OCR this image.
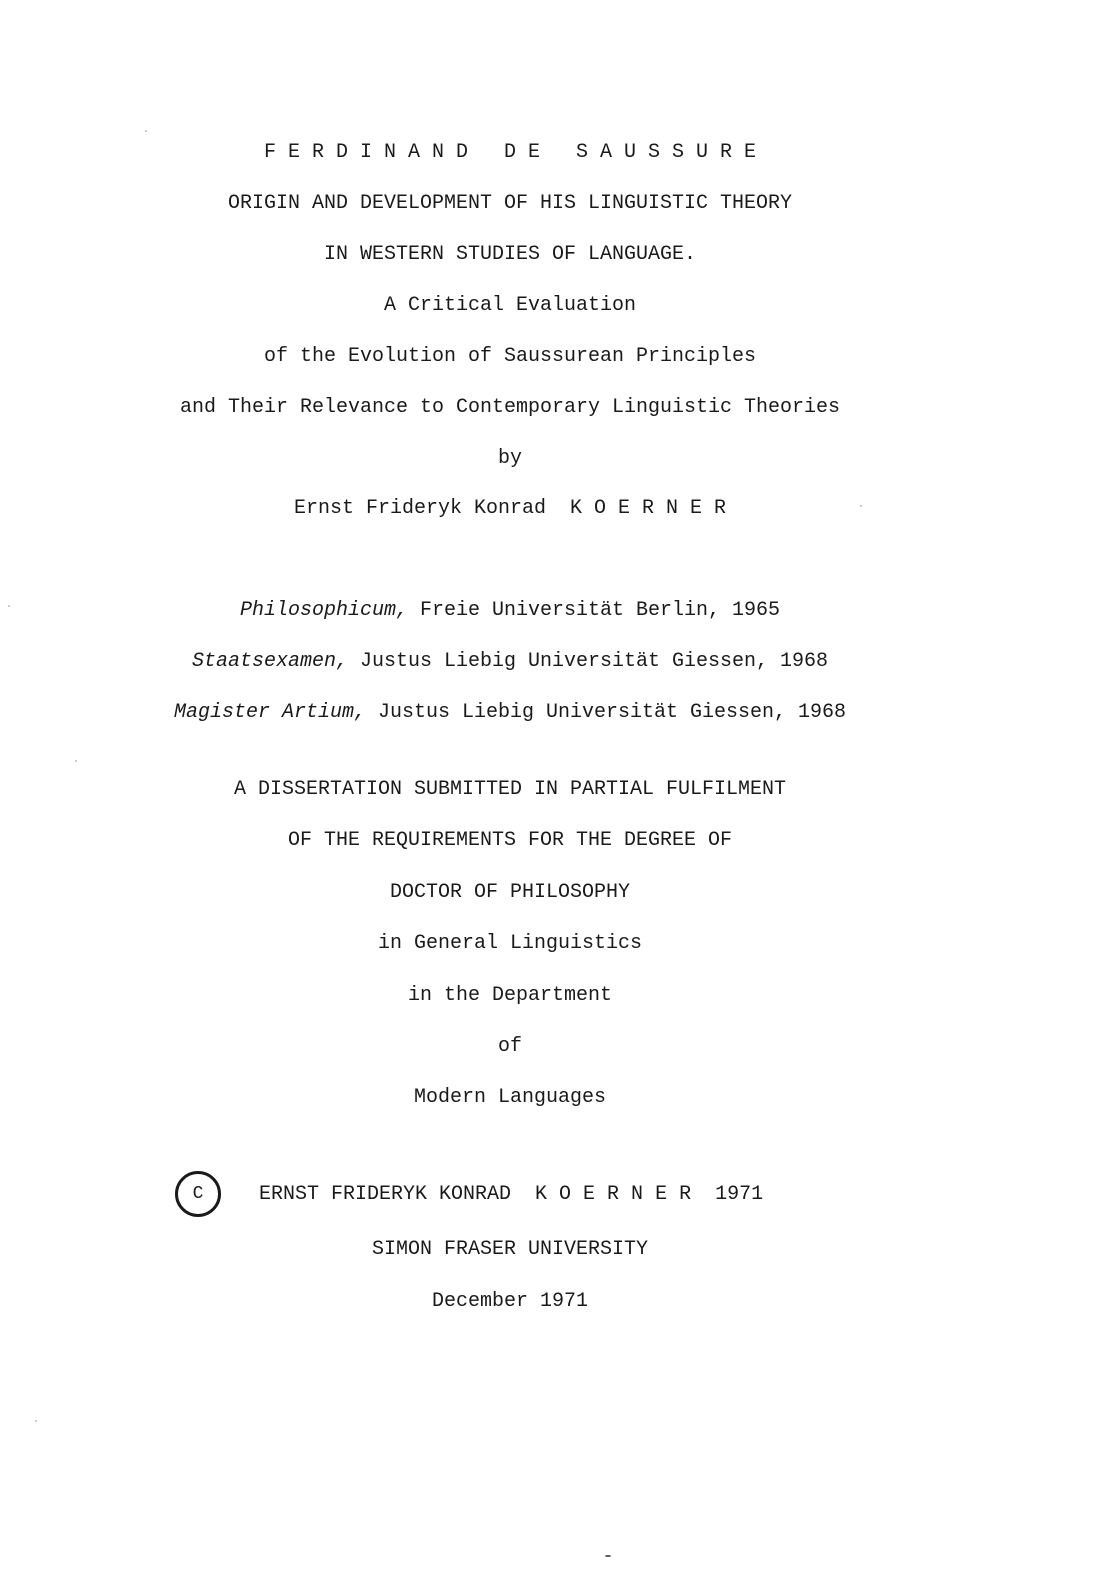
F E R D I N A N D   D E   S A U S S U R E
ORIGIN AND DEVELOPMENT OF HIS LINGUISTIC THEORY
IN WESTERN STUDIES OF LANGUAGE.
A Critical Evaluation
of the Evolution of Saussurean Principles
and Their Relevance to Contemporary Linguistic Theories
by
Ernst Frideryk Konrad  K O E R N E R
Philosophicum, Freie Universität Berlin, 1965
Staatsexamen, Justus Liebig Universität Giessen, 1968
Magister Artium, Justus Liebig Universität Giessen, 1968
A DISSERTATION SUBMITTED IN PARTIAL FULFILMENT
OF THE REQUIREMENTS FOR THE DEGREE OF
DOCTOR OF PHILOSOPHY
in General Linguistics
in the Department
of
Modern Languages
C	ERNST FRIDERYK KONRAD  K O E R N E R  1971
SIMON FRASER UNIVERSITY
December 1971
